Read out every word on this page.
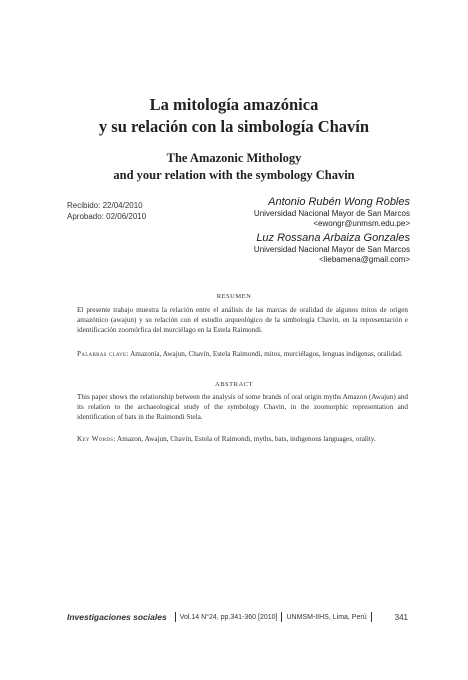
La mitología amazónica
y su relación con la simbología Chavín
The Amazonic Mithology
and your relation with the symbology Chavin
Recibido: 22/04/2010
Aprobado: 02/06/2010
Antonio Rubén Wong Robles
Universidad Nacional Mayor de San Marcos
<ewongr@unmsm.edu.pe>
Luz Rossana Arbaiza Gonzales
Universidad Nacional Mayor de San Marcos
<liebamena@gmail.com>
RESUMEN
El presente trabajo muestra la relación entre el análisis de las marcas de oralidad de algunos mitos de origen amazónico (awajun) y su relación con el estudio arqueológico de la simbología Chavín, en la representación e identificación zoomórfica del murciélago en la Estela Raimondi.
Palabras clave: Amazonía, Awajun, Chavín, Estela Raimondi, mitos, murciélagos, lenguas indígenas, oralidad.
ABSTRACT
This paper shows the relationship between the analysis of some brands of oral origin myths Amazon (Awajun) and its relation to the archaeological study of the symbology Chavin, in the zoomorphic representation and identification of bats in the Raimondi Stela.
Key Words: Amazon, Awajun, Chavin, Estela of Raimondi, myths, bats, indigenous languages, orality.
Investigaciones sociales Vol.14 N°24, pp.341-360 [2010] UNMSM-IIHS, Lima, Perú	341
